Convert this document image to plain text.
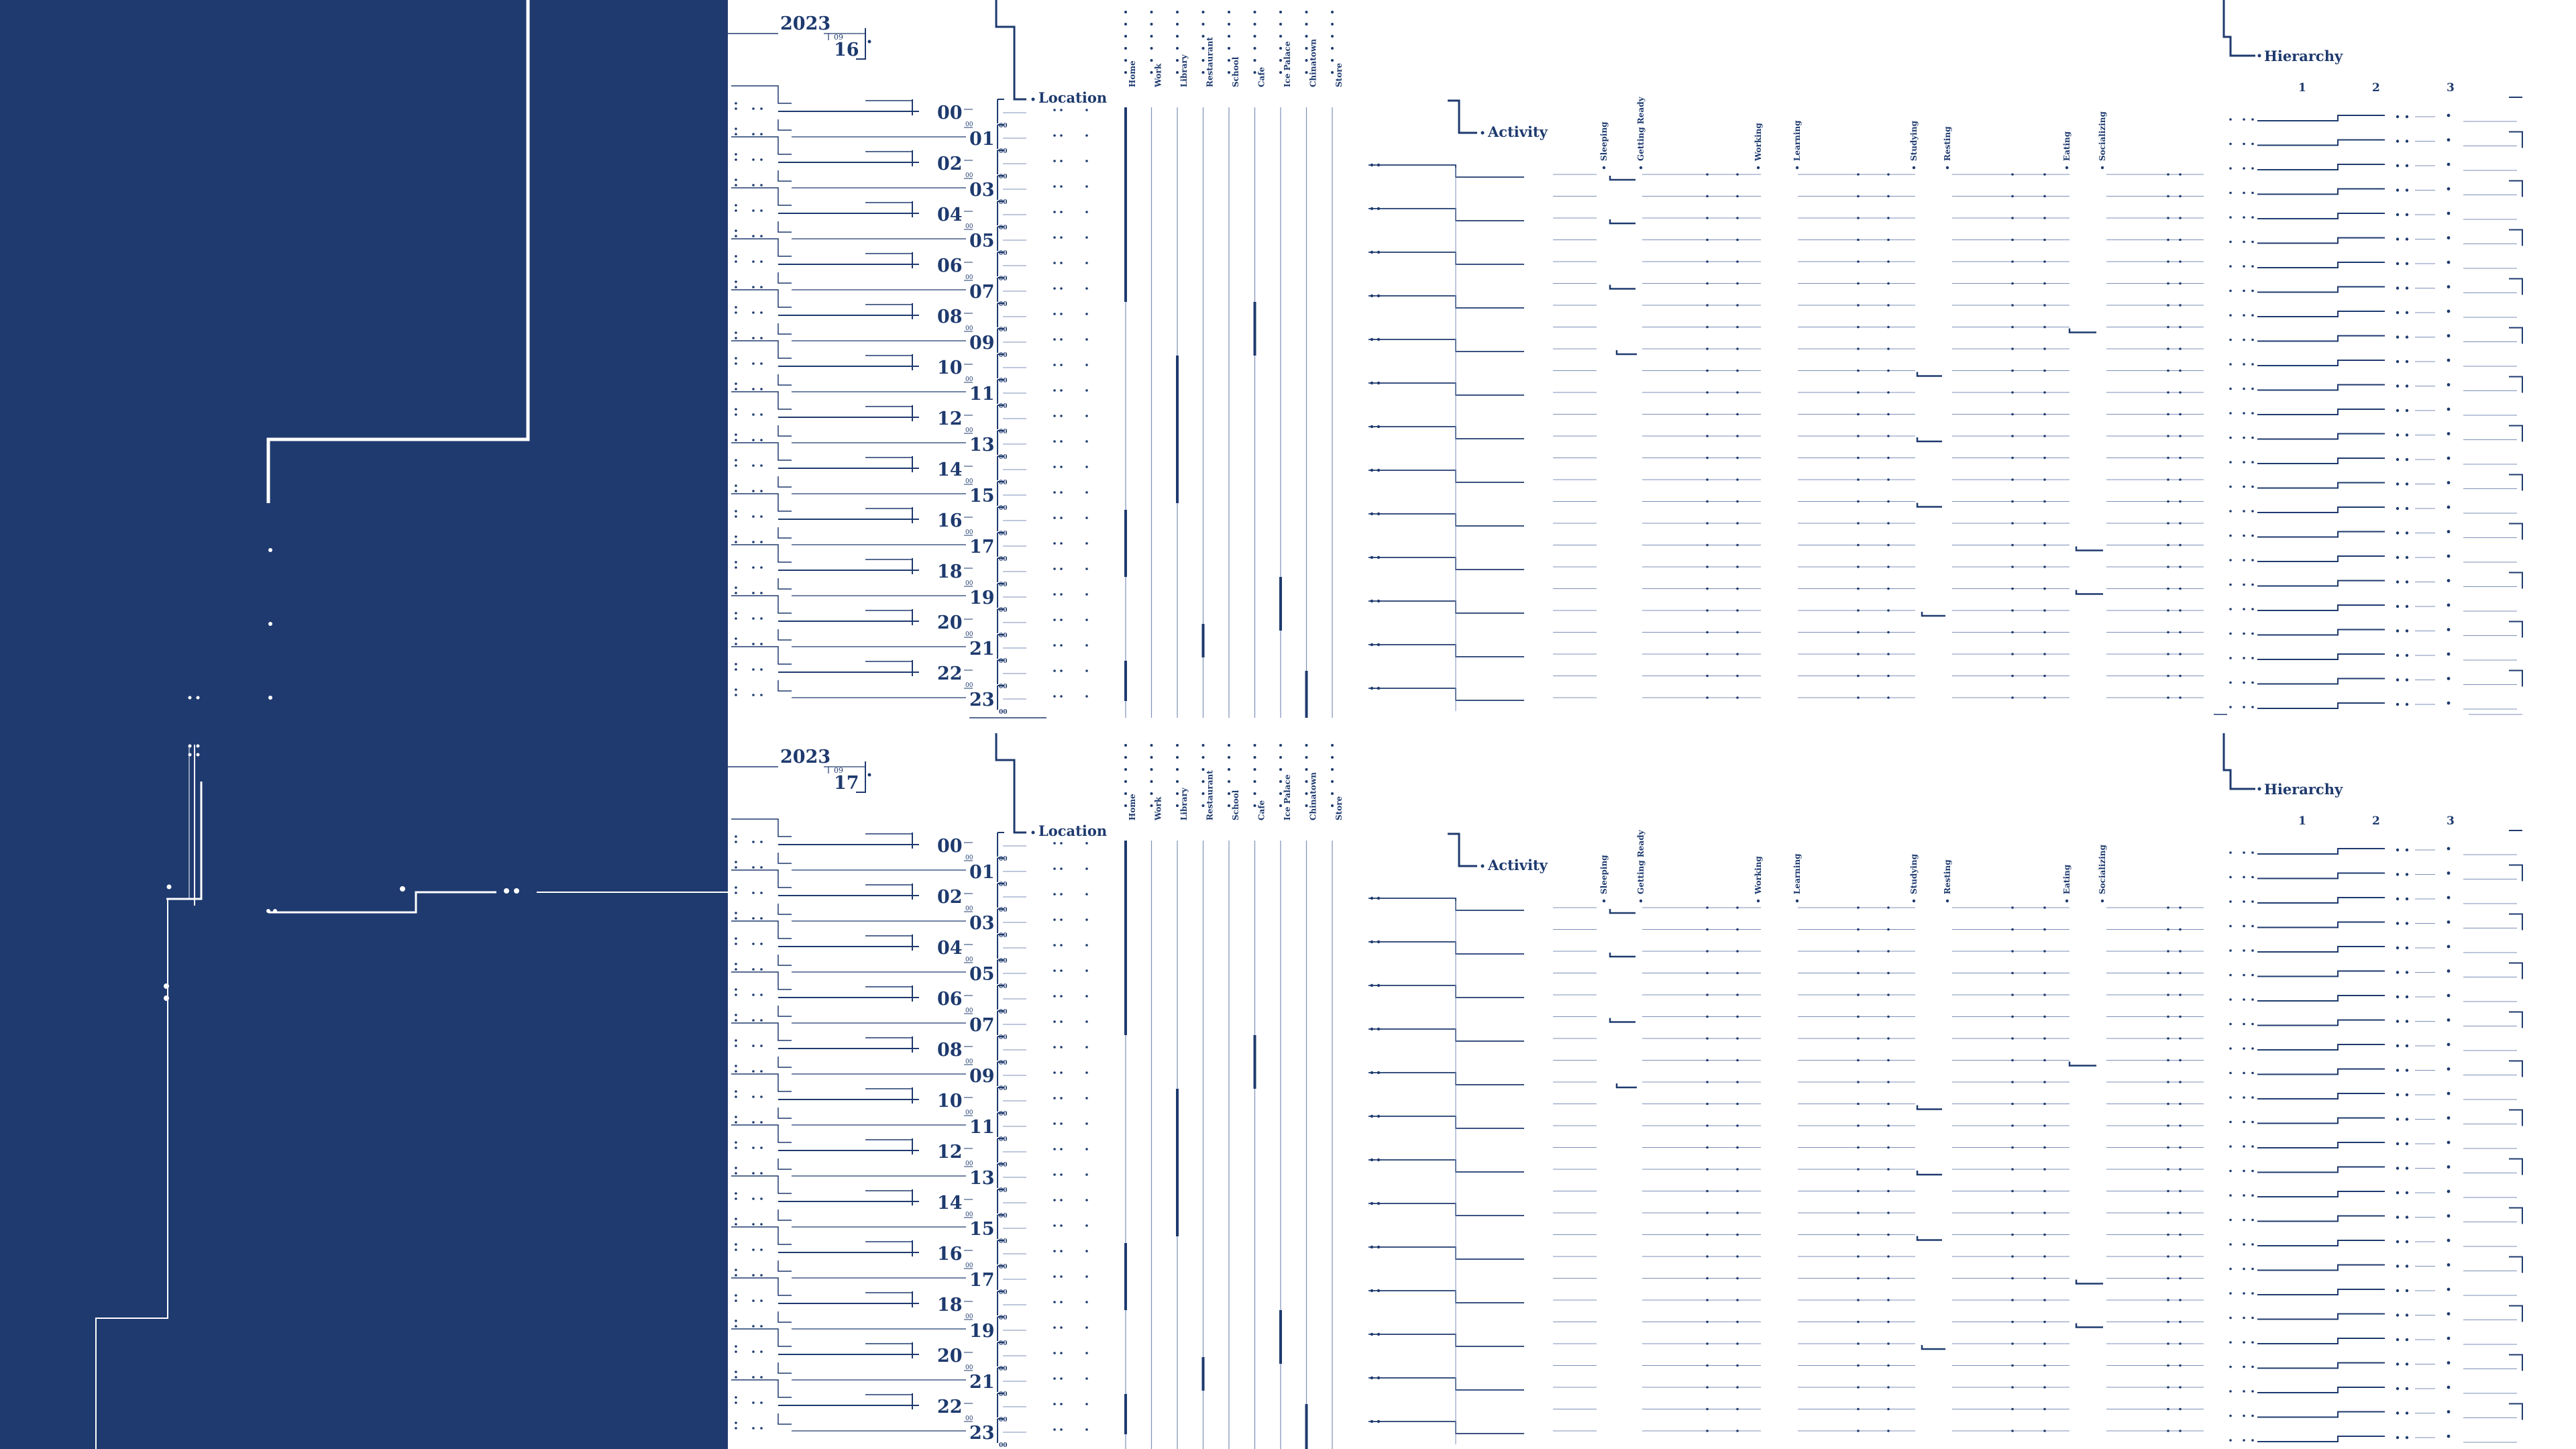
2023
09
16
Location
Home Work Library Restaurant School Cafe Ice Palace Chinatown Store
00
00
00
01
00
02
00
00
03
00
04
00
00
05
00
06
00
00
07
00
08
00
00
09
00
10
00
00
11
00
12
00
00
13
00
14
00
00
15
00
16
00
00
17
00
18
00
00
19
00
20
00
00
21
00
22
00
00
23
00
Activity	Sleeping	Getting Ready	Working	Learning	Studying	Resting	Eating	Socializing
Hierarchy
1	2	3
2023
09
17
Location
Home Work Library Restaurant School Cafe Ice Palace Chinatown Store
00
00
00
01
00
02
00
00
03
00
04
00
00
05
00
06
00
00
07
00
08
00
00
09
00
10
00
00
11
00
12
00
00
13
00
14
00
00
15
00
16
00
00
17
00
18
00
00
19
00
20
00
00
21
00
22
00
00
23
00
Activity	Sleeping	Getting Ready	Working	Learning	Studying	Resting	Eating	Socializing
Hierarchy
1	2	3
